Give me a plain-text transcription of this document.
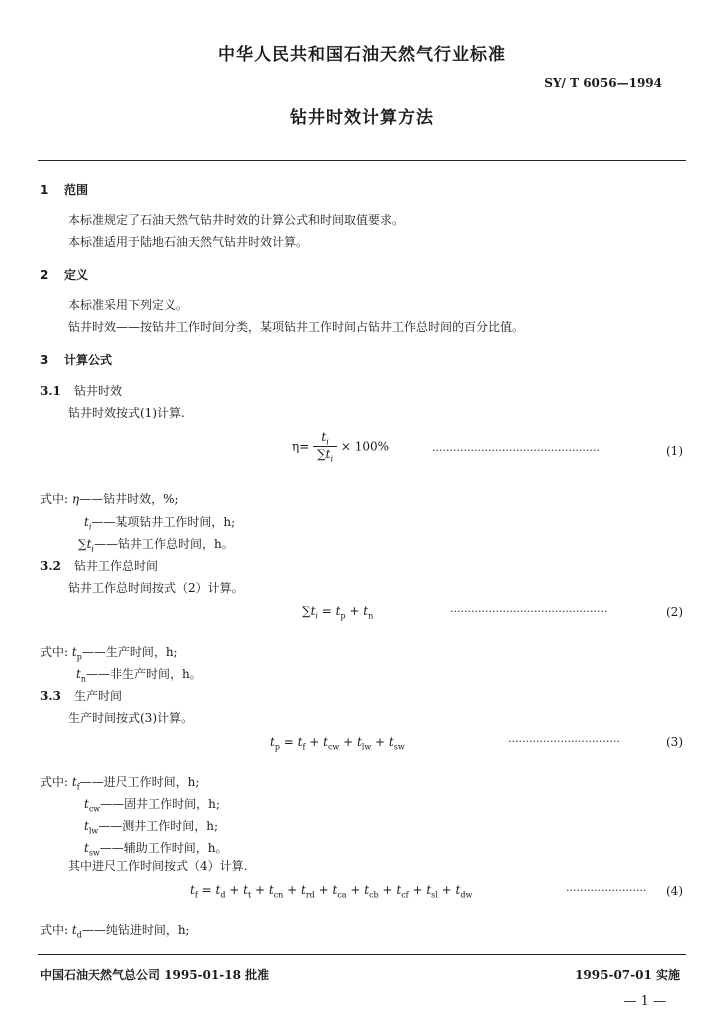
中华人民共和国石油天然气行业标准
SY/ T 6056—1994
钻井时效计算方法
1 范围
本标准规定了石油天然气钻井时效的计算公式和时间取值要求。
本标准适用于陆地石油天然气钻井时效计算。
2 定义
本标准采用下列定义。
钻井时效——按钻井工作时间分类，某项钻井工作时间占钻井工作总时间的百分比值。
3 计算公式
3.1 钻井时效
钻井时效按式(1)计算.
$\eta= \frac{t_i}{\sum t_i} \times 100\%$	················································	(1)
式中: η——钻井时效，%;
$t_i——$某项钻井工作时间，h;
$\sum t_i——$钻井工作总时间，h。
3.2 钻井工作总时间
钻井工作总时间按式（2）计算。
$\sum t_i = t_p + t_n$	·············································	(2)
式中: $t_p——$生产时间，h;
$t_n——$非生产时间，h。
3.3 生产时间
生产时间按式(3)计算。
$t_p = t_f + t_{cw} + t_{lw} + t_{sw}$	································	(3)
式中: $t_f——$进尺工作时间，h;
$t_{cw}——$固井工作时间，h;
$t_{lw}——$测井工作时间，h;
$t_{sw}——$辅助工作时间，h。
其中进尺工作时间按式（4）计算.
$t_f = t_d + t_t + t_{cn} + t_{rd} + t_{ca} + t_{cb} + t_{cf} + t_{sl} + t_{dw}$	······················· (4)
式中: $t_d——$纯钻进时间，h;
中国石油天然气总公司 1995-01-18 批准	1995-07-01 实施
— 1 —
